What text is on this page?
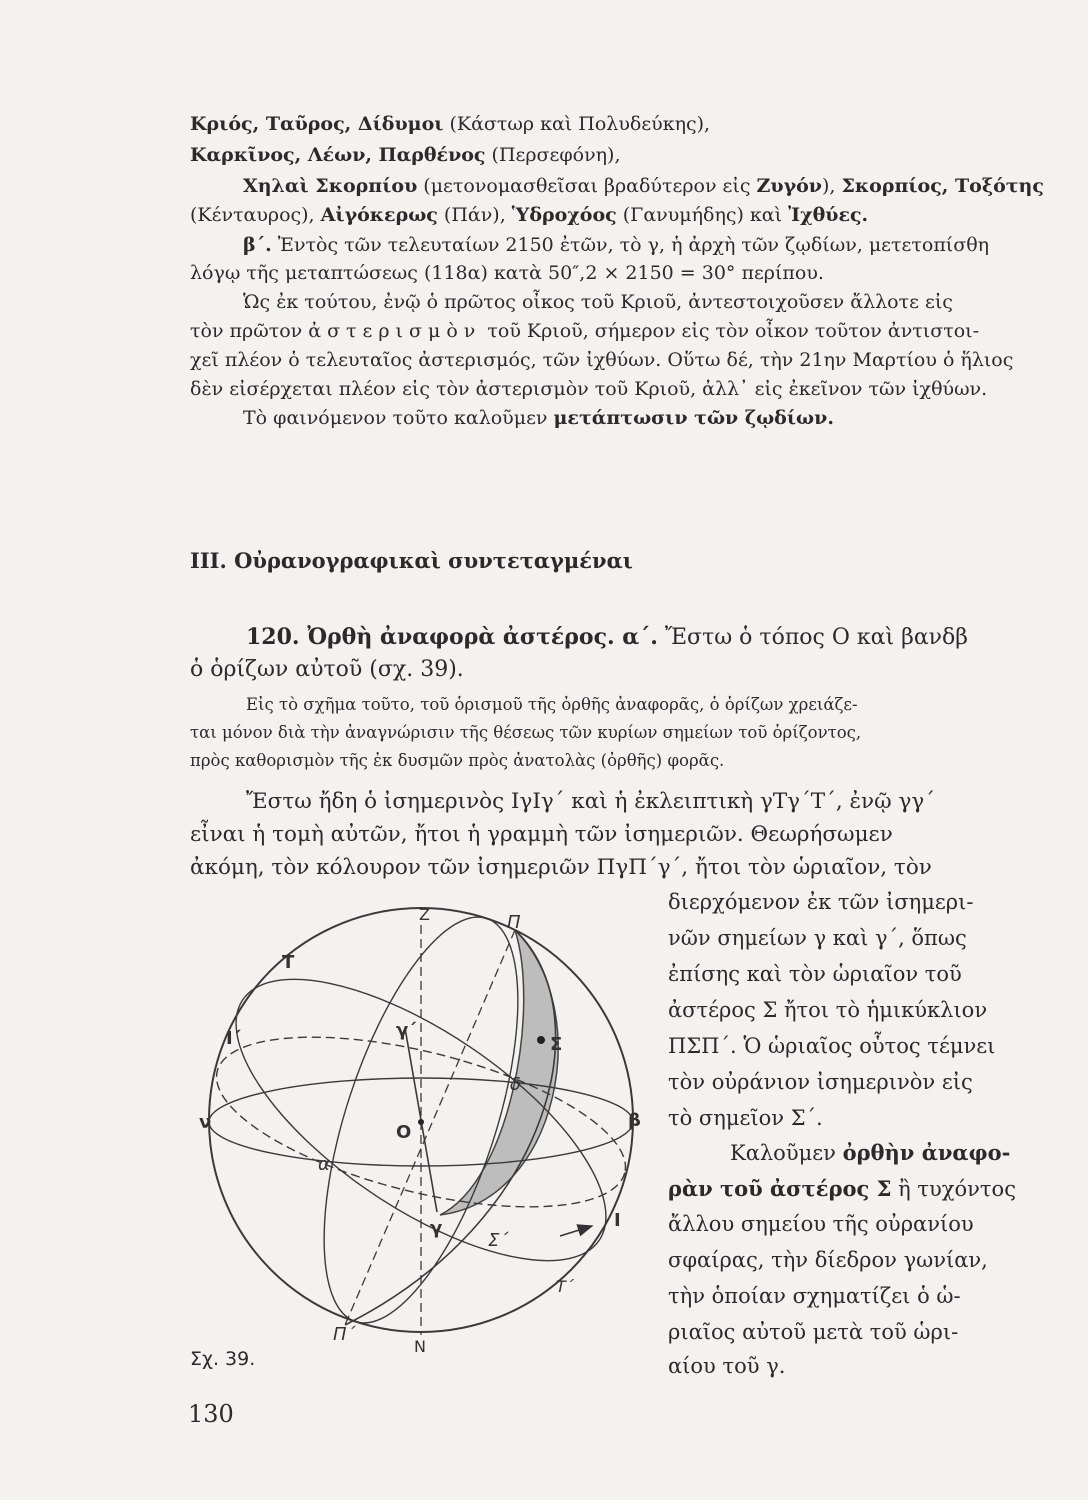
Κριός, Ταῦρος, Δίδυμοι (Κάστωρ καὶ Πολυδεύκης),
Καρκῖνος, Λέων, Παρθένος (Περσεφόνη),
Χηλαὶ Σκορπίου (μετονομασθεῖσαι βραδύτερον εἰς Ζυγόν), Σκορπίος, Τοξότης
(Κένταυρος), Αἰγόκερως (Πάν), Ὑδροχόος (Γανυμήδης) καὶ Ἰχθύες.
β΄. Ἐντὸς τῶν τελευταίων 2150 ἐτῶν, τὸ γ, ἡ ἀρχὴ τῶν ζῳδίων, μετετοπίσθη
λόγῳ τῆς μεταπτώσεως (118α) κατὰ 50″,2 × 2150 = 30° περίπου.
Ὡς ἐκ τούτου, ἐνῷ ὁ πρῶτος οἶκος τοῦ Κριοῦ, ἀντεστοιχοῦσεν ἄλλοτε εἰς
τὸν πρῶτον ἀστερισμὸν τοῦ Κριοῦ, σήμερον εἰς τὸν οἶκον τοῦτον ἀντιστοι-
χεῖ πλέον ὁ τελευταῖος ἀστερισμός, τῶν ἰχθύων. Οὕτω δέ, τὴν 21ην Μαρτίου ὁ ἥλιος
δὲν εἰσέρχεται πλέον εἰς τὸν ἀστερισμὸν τοῦ Κριοῦ, ἀλλ᾽ εἰς ἐκεῖνον τῶν ἰχθύων.
Τὸ φαινόμενον τοῦτο καλοῦμεν μετάπτωσιν τῶν ζῳδίων.
III. Οὐρανογραφικαὶ συντεταγμέναι
120. Ὀρθὴ ἀναφορὰ ἀστέρος. α΄. Ἔστω ὁ τόπος Ο καὶ βανδβ
ὁ ὁρίζων αὐτοῦ (σχ. 39).
Εἰς τὸ σχῆμα τοῦτο, τοῦ ὁρισμοῦ τῆς ὀρθῆς ἀναφορᾶς, ὁ ὁρίζων χρειάζε-
ται μόνον διὰ τὴν ἀναγνώρισιν τῆς θέσεως τῶν κυρίων σημείων τοῦ ὁρίζοντος,
πρὸς καθορισμὸν τῆς ἐκ δυσμῶν πρὸς ἀνατολὰς (ὀρθῆς) φορᾶς.
Ἔστω ἤδη ὁ ἰσημερινὸς ΙγΙγ΄ καὶ ἡ ἐκλειπτικὴ γΤγ΄Τ΄, ἐνῷ γγ΄
εἶναι ἡ τομὴ αὐτῶν, ἤτοι ἡ γραμμὴ τῶν ἰσημεριῶν. Θεωρήσωμεν
ἀκόμη, τὸν κόλουρον τῶν ἰσημεριῶν ΠγΠ΄γ΄, ἤτοι τὸν ὡριαῖον, τὸν
διερχόμενον ἐκ τῶν ἰσημερι-
νῶν σημείων γ καὶ γ΄, ὅπως
ἐπίσης καὶ τὸν ὡριαῖον τοῦ
ἀστέρος Σ ἤτοι τὸ ἡμικύκλιον
ΠΣΠ΄. Ὁ ὡριαῖος οὗτος τέμνει
τὸν οὐράνιον ἰσημερινὸν εἰς
τὸ σημεῖον Σ΄.
Καλοῦμεν ὀρθὴν ἀναφο-
ρὰν τοῦ ἀστέρος Σ ἢ τυχόντος
ἄλλου σημείου τῆς οὐρανίου
σφαίρας, τὴν δίεδρον γωνίαν,
τὴν ὁποίαν σχηματίζει ὁ ὡ-
ριαῖος αὐτοῦ μετὰ τοῦ ὡρι-
αίου τοῦ γ.
Z
N
Π
Π΄
Τ
Τ΄
Ι
Ι΄
γ
γ΄
Σ
Σ΄
ν	β
Ο
α
δ
Σχ. 39.
130
